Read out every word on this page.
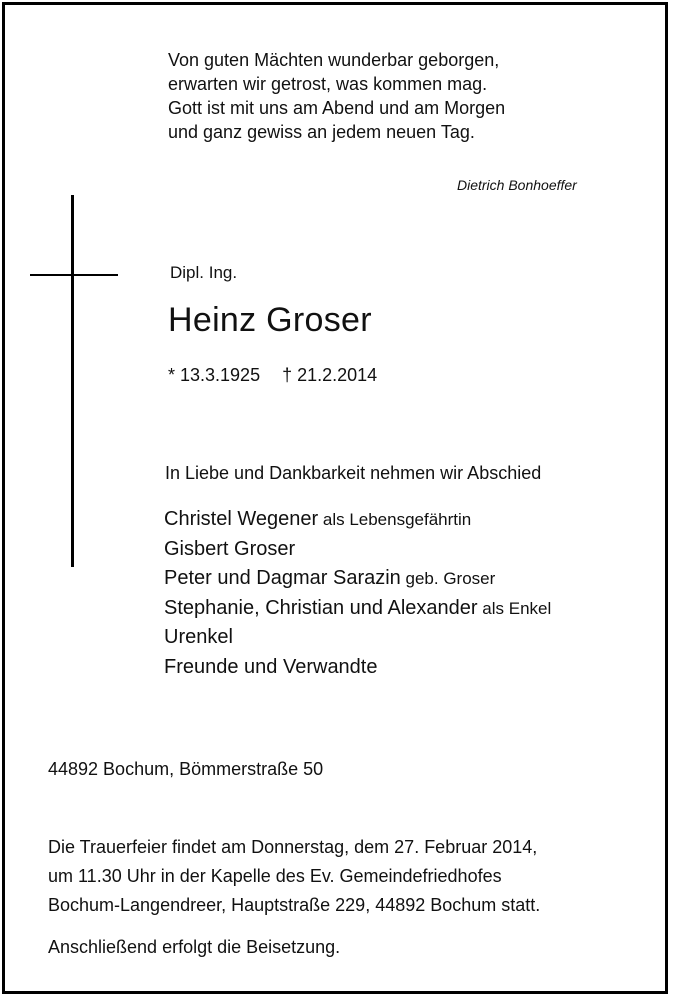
Von guten Mächten wunderbar geborgen,
erwarten wir getrost, was kommen mag.
Gott ist mit uns am Abend und am Morgen
und ganz gewiss an jedem neuen Tag.
Dietrich Bonhoeffer
Dipl. Ing.
Heinz Groser
* 13.3.1925 † 21.2.2014
In Liebe und Dankbarkeit nehmen wir Abschied
Christel Wegener als Lebensgefährtin
Gisbert Groser
Peter und Dagmar Sarazin geb. Groser
Stephanie, Christian und Alexander als Enkel
Urenkel
Freunde und Verwandte
44892 Bochum, Bömmerstraße 50
Die Trauerfeier findet am Donnerstag, dem 27. Februar 2014,
um 11.30 Uhr in der Kapelle des Ev. Gemeindefriedhofes
Bochum-Langendreer, Hauptstraße 229, 44892 Bochum statt.
Anschließend erfolgt die Beisetzung.
